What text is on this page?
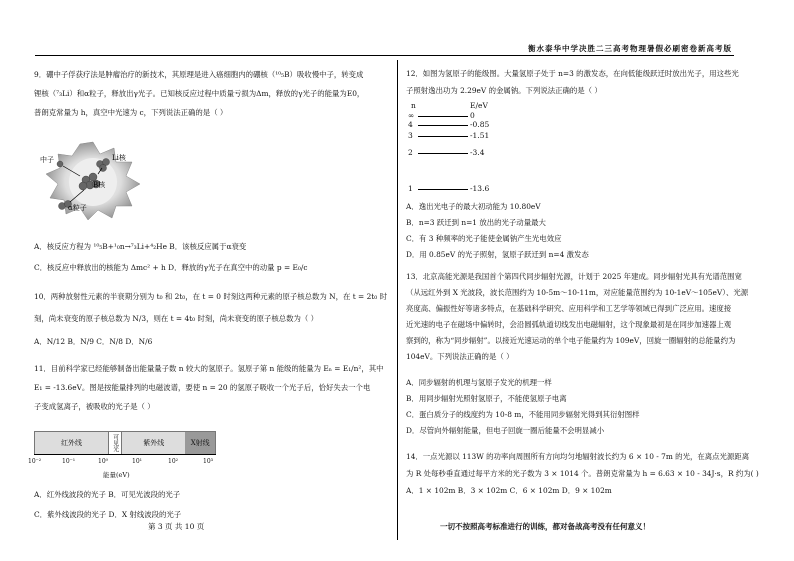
衡水泰华中学决胜二三高考物理暑假必刷密卷新高考版

9．硼中子俘获疗法是肿瘤治疗的新技术，其原理是进入癌细胞内的硼核（¹⁰₅B）吸收慢中子，转变成

锂核（⁷₃Li）和α粒子，释放出γ光子。已知核反应过程中质量亏损为Δm，释放的γ光子的能量为E0，

普朗克常量为 h，真空中光速为 c，下列说法正确的是（ ）

中子	Li核
B核
α粒子

A．核反应方程为 ¹⁰₅B+¹₀n→⁷₃Li+⁴₂He B．该核反应属于α衰变

C．核反应中释放出的核能为 Δmc² + h D．释放的γ光子在真空中的动量 p = E₀/c

10．两种放射性元素的半衰期分别为 t₀ 和 2t₀，在 t = 0 时刻这两种元素的原子核总数为 N，在 t = 2t₀ 时

刻，尚未衰变的原子核总数为 N/3，则在 t = 4t₀ 时刻，尚未衰变的原子核总数为（ ）

A．N/12 B．N/9 C．N/8 D．N/6

11．目前科学家已经能够制备出能量量子数 n 较大的氢原子。氢原子第 n 能级的能量为 Eₙ = E₁/n²，其中

E₁ = -13.6eV。图是按能量排列的电磁波谱，要使 n = 20 的氢原子吸收一个光子后，恰好失去一个电

子变成氢离子，被吸收的光子是（ ）

红外线	可见光	紫外线	X射线
10⁻²	10⁻¹	10⁰	10¹	10²	10³
能量(eV)

A．红外线波段的光子 B．可见光波段的光子

C．紫外线波段的光子 D．X 射线波段的光子

12．如图为氢原子的能级图。大量氢原子处于 n=3 的激发态，在向低能级跃迁时放出光子，用这些光

子照射逸出功为 2.29eV 的金属钠。下列说法正确的是（ ）

n	E/eV
∞	0
4	-0.85
3	-1.51
2	-3.4
1	-13.6

A．逸出光电子的最大初动能为 10.80eV

B．n=3 跃迁到 n=1 放出的光子动量最大

C．有 3 种频率的光子能使金属钠产生光电效应

D．用 0.85eV 的光子照射，氢原子跃迁到 n=4 激发态

13．北京高能光源是我国首个第四代同步辐射光源，计划于 2025 年建成。同步辐射光具有光谱范围宽

（从远红外到 X 光波段，波长范围约为 10-5m～10-11m，对应能量范围约为 10-1eV～105eV）、光源

亮度高、偏振性好等诸多特点，在基础科学研究、应用科学和工艺学等领域已得到广泛应用。速度接

近光速的电子在磁场中偏转时，会沿圆弧轨道切线发出电磁辐射，这个现象最初是在同步加速器上观

察到的，称为“同步辐射”。以接近光速运动的单个电子能量约为 109eV，回旋一圈辐射的总能量约为

104eV。下列说法正确的是（ ）

A．同步辐射的机理与氢原子发光的机理一样

B．用同步辐射光照射氢原子，不能使氢原子电离

C．蛋白质分子的线度约为 10-8 m，不能用同步辐射光得到其衍射图样

D．尽管向外辐射能量，但电子回旋一圈后能量不会明显减小

14．一点光源以 113W 的功率向周围所有方向均匀地辐射波长约为 6 × 10 - 7m 的光，在离点光源距离

为 R 处每秒垂直通过每平方米的光子数为 3 × 1014 个。普朗克常量为 h = 6.63 × 10 - 34J·s，R 约为( )

A．1 × 102m B．3 × 102m C．6 × 102m D．9 × 102m

第 3 页 共 10 页	一切不按照高考标准进行的训练，都对备战高考没有任何意义！
